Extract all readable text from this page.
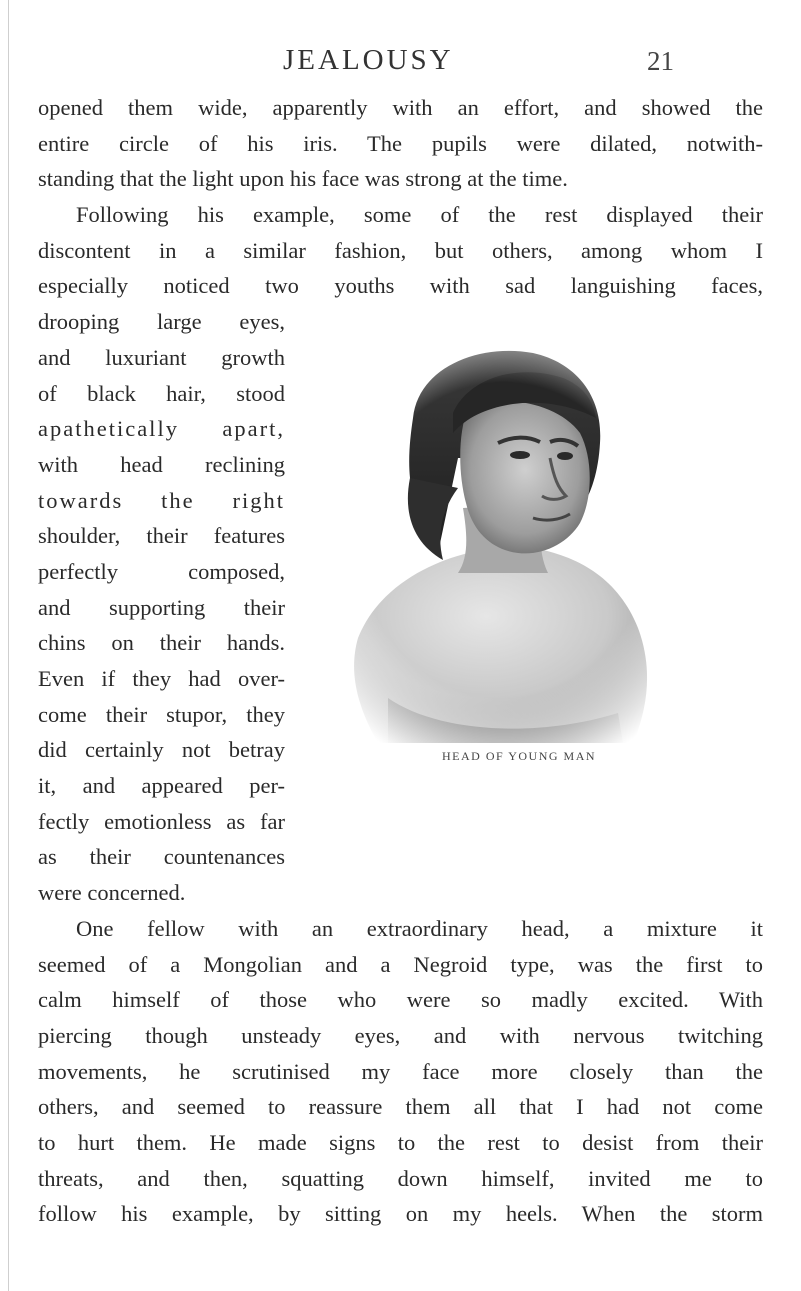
JEALOUSY	21
opened them wide, apparently with an effort, and showed the
entire circle of his iris. The pupils were dilated, notwith-
standing that the light upon his face was strong at the time.
Following his example, some of the rest displayed their
discontent in a similar fashion, but others, among whom I
especially noticed two youths with sad languishing faces,
drooping large eyes,
and luxuriant growth
of black hair, stood
apathetically apart,
with head reclining
towards the right
shoulder, their features
perfectly composed,
and supporting their
chins on their hands.
Even if they had over-
come their stupor, they
did certainly not betray
it, and appeared per-
fectly emotionless as far
as their countenances
were concerned.
One fellow with an extraordinary head, a mixture it
seemed of a Mongolian and a Negroid type, was the first to
calm himself of those who were so madly excited. With
piercing though unsteady eyes, and with nervous twitching
movements, he scrutinised my face more closely than the
others, and seemed to reassure them all that I had not come
to hurt them. He made signs to the rest to desist from their
threats, and then, squatting down himself, invited me to
follow his example, by sitting on my heels. When the storm
HEAD OF YOUNG MAN
